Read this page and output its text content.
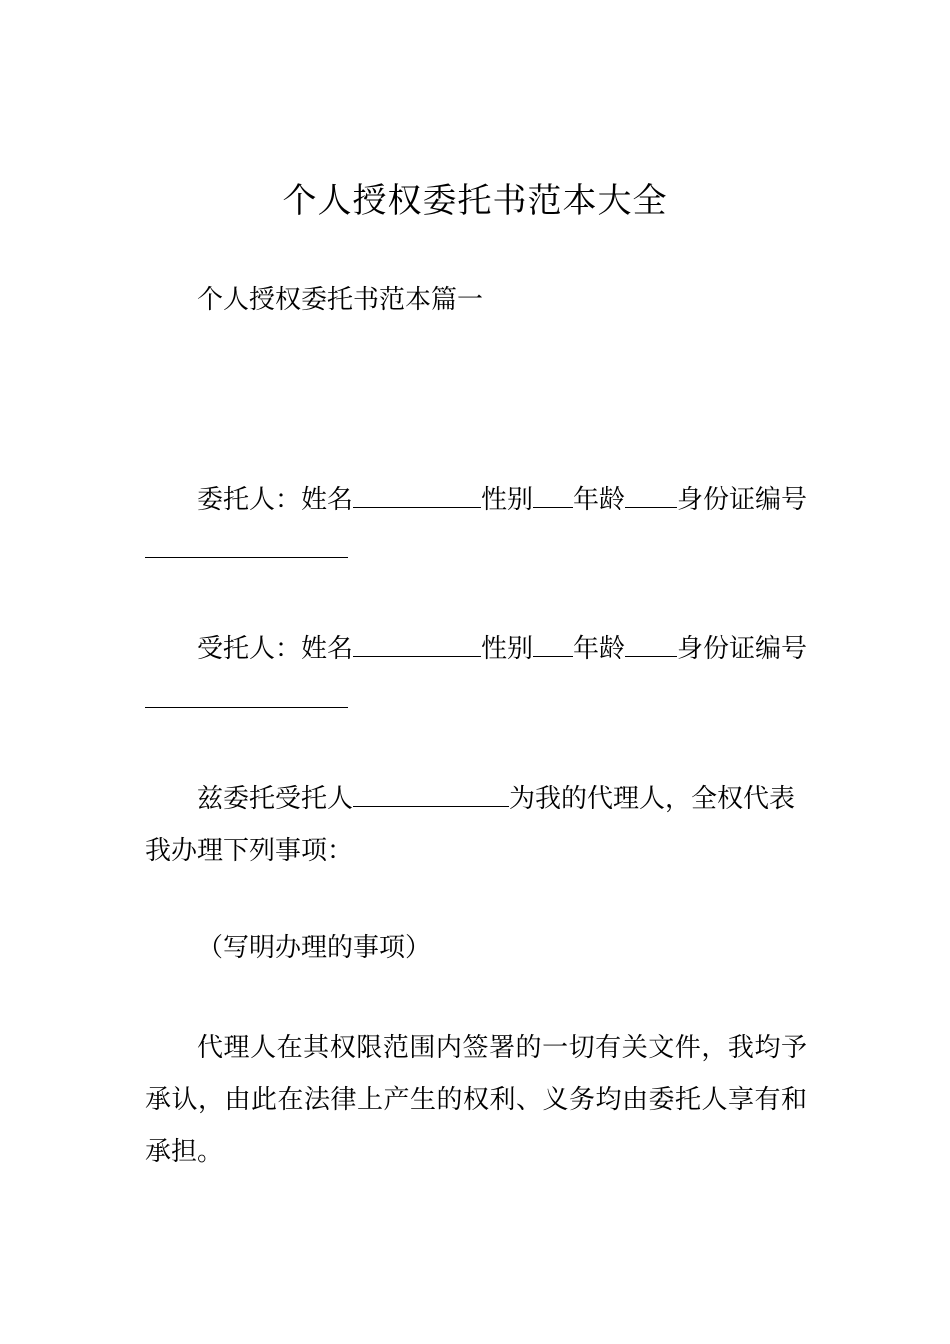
个人授权委托书范本大全
个人授权委托书范本篇一
委托人： 姓名	性别 年龄 身份证编号
受托人： 姓名	性别 年龄 身份证编号
兹委托受托人	为我的代理人，全权代表
我办理下列事项：
（写明办理的事项）
代理人在其权限范围内签署的一切有关文件，我均予承认，由此在法律上产生的权利、义务均由委托人享有和承担。
